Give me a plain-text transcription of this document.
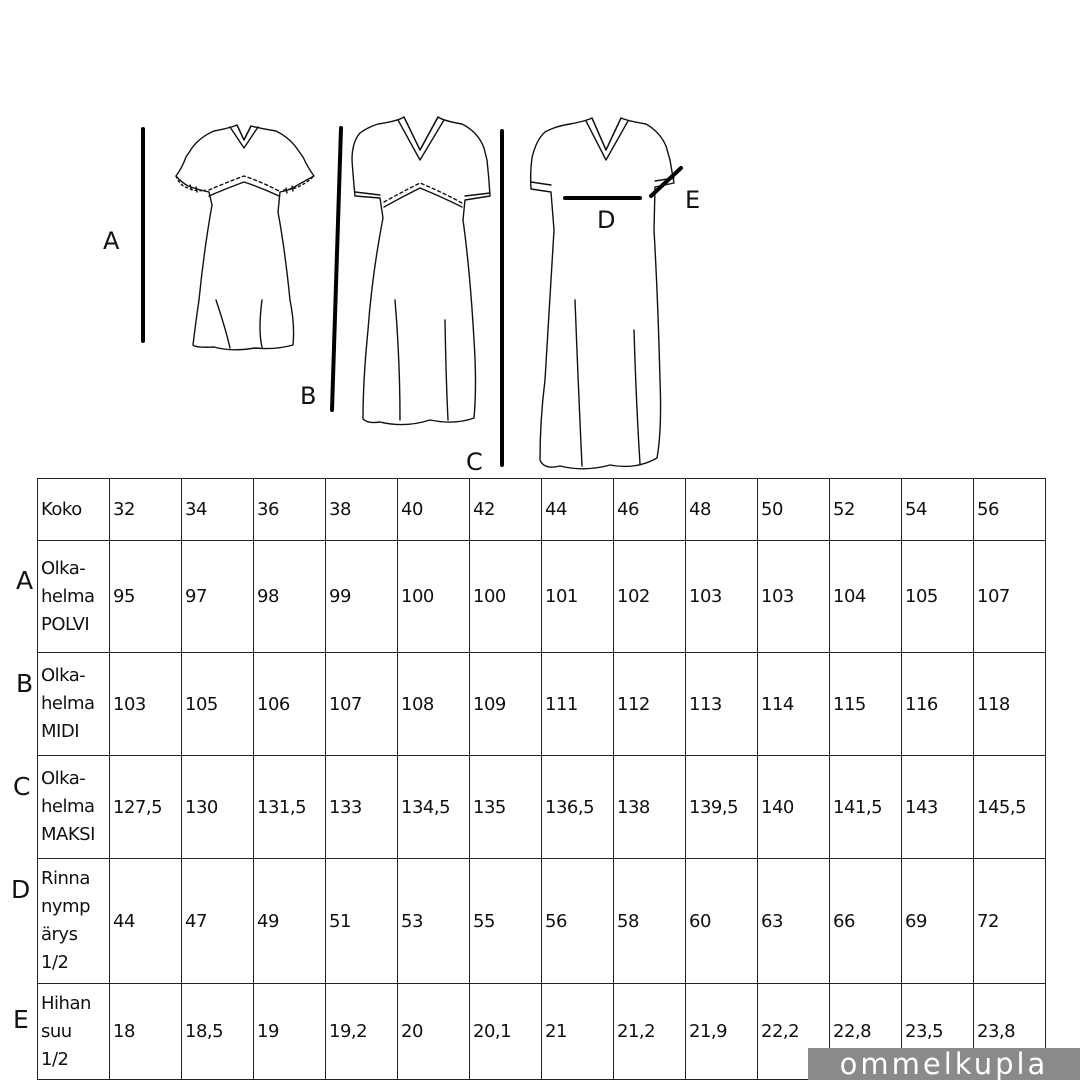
A
B
C
D
E
A
B
C
D
E
Koko	32	34	36	38	40	42	44	46	48	50	52	54	56

Olka-
helma
POLVI	95	97	98	99	100	100	101	102	103	103	104	105	107

Olka-
helma
MIDI	103	105	106	107	108	109	111	112	113	114	115	116	118

Olka-
helma
MAKSI	127,5	130	131,5	133	134,5	135	136,5	138	139,5	140	141,5	143	145,5

Rinna
nymp
ärys
1/2	44	47	49	51	53	55	56	58	60	63	66	69	72

Hihan
suu
1/2	18	18,5	19	19,2	20	20,1	21	21,2	21,9	22,2	22,8	23,5	23,8
ommelkupla
